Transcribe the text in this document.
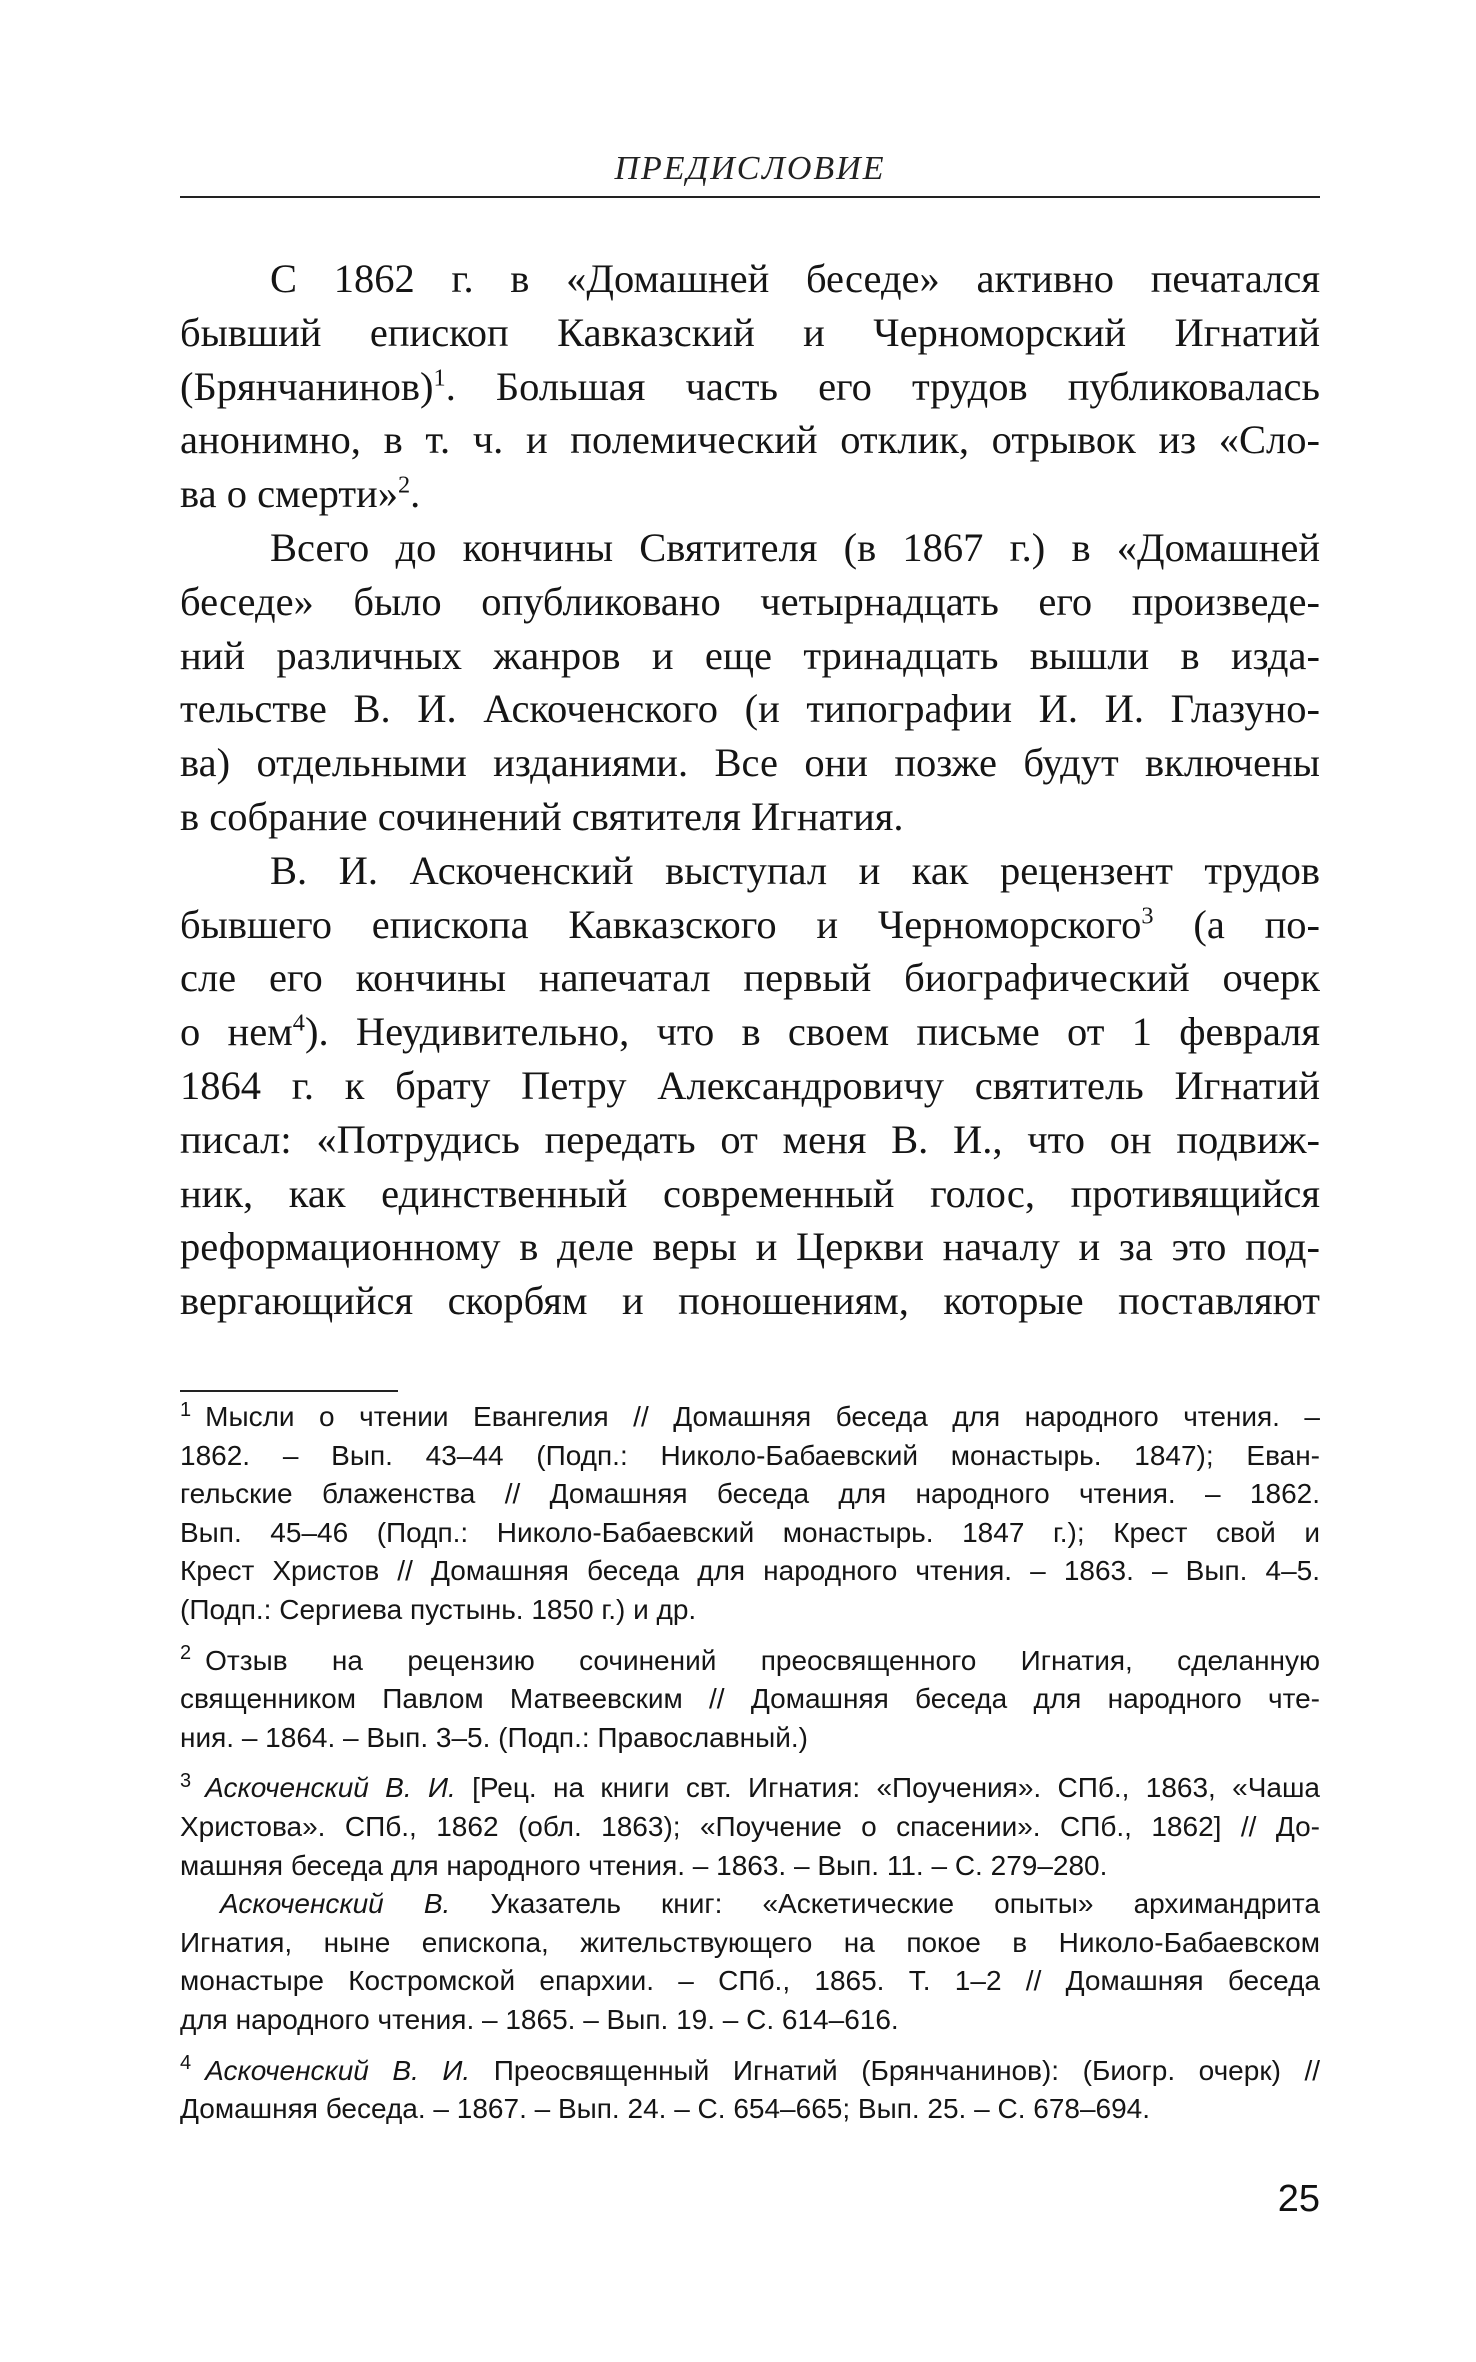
ПРЕДИСЛОВИЕ
С 1862 г. в «Домашней беседе» активно печатался
бывший епископ Кавказский и Черноморский Игнатий
(Брянчанинов)$^1$. Большая часть его трудов публиковалась
анонимно, в т. ч. и полемический отклик, отрывок из «Сло-
ва о смерти»$^2$.
Всего до кончины Святителя (в 1867 г.) в «Домашней
беседе» было опубликовано четырнадцать его произведе-
ний различных жанров и еще тринадцать вышли в изда-
тельстве В. И. Аскоченского (и типографии И. И. Глазуно-
ва) отдельными изданиями. Все они позже будут включены
в собрание сочинений святителя Игнатия.
В. И. Аскоченский выступал и как рецензент трудов
бывшего епископа Кавказского и Черноморского$^3$ (а по-
сле его кончины напечатал первый биографический очерк
о нем$^4$). Неудивительно, что в своем письме от 1 февраля
1864 г. к брату Петру Александровичу святитель Игнатий
писал: «Потрудись передать от меня В. И., что он подвиж-
ник, как единственный современный голос, противящийся
реформационному в деле веры и Церкви началу и за это под-
вергающийся скорбям и поношениям, которые поставляют
$^1$ Мысли о чтении Евангелия // Домашняя беседа для народного чтения. –
1862. – Вып. 43–44 (Подп.: Николо-Бабаевский монастырь. 1847); Еван-
гельские блаженства // Домашняя беседа для народного чтения. – 1862.
Вып. 45–46 (Подп.: Николо-Бабаевский монастырь. 1847 г.); Крест свой и
Крест Христов // Домашняя беседа для народного чтения. – 1863. – Вып. 4–5.
(Подп.: Сергиева пустынь. 1850 г.) и др.
$^2$ Отзыв на рецензию сочинений преосвященного Игнатия, сделанную
священником Павлом Матвеевским // Домашняя беседа для народного чте-
ния. – 1864. – Вып. 3–5. (Подп.: Православный.)
$^3$ Аскоченский В. И. [Рец. на книги свт. Игнатия: «Поучения». СПб., 1863, «Чаша
Христова». СПб., 1862 (обл. 1863); «Поучение о спасении». СПб., 1862] // До-
машняя беседа для народного чтения. – 1863. – Вып. 11. – С. 279–280.
Аскоченский В. Указатель книг: «Аскетические опыты» архимандрита
Игнатия, ныне епископа, жительствующего на покое в Николо-Бабаевском
монастыре Костромской епархии. – СПб., 1865. Т. 1–2 // Домашняя беседа
для народного чтения. – 1865. – Вып. 19. – С. 614–616.
$^4$ Аскоченский В. И. Преосвященный Игнатий (Брянчанинов): (Биогр. очерк) //
Домашняя беседа. – 1867. – Вып. 24. – С. 654–665; Вып. 25. – С. 678–694.
25
